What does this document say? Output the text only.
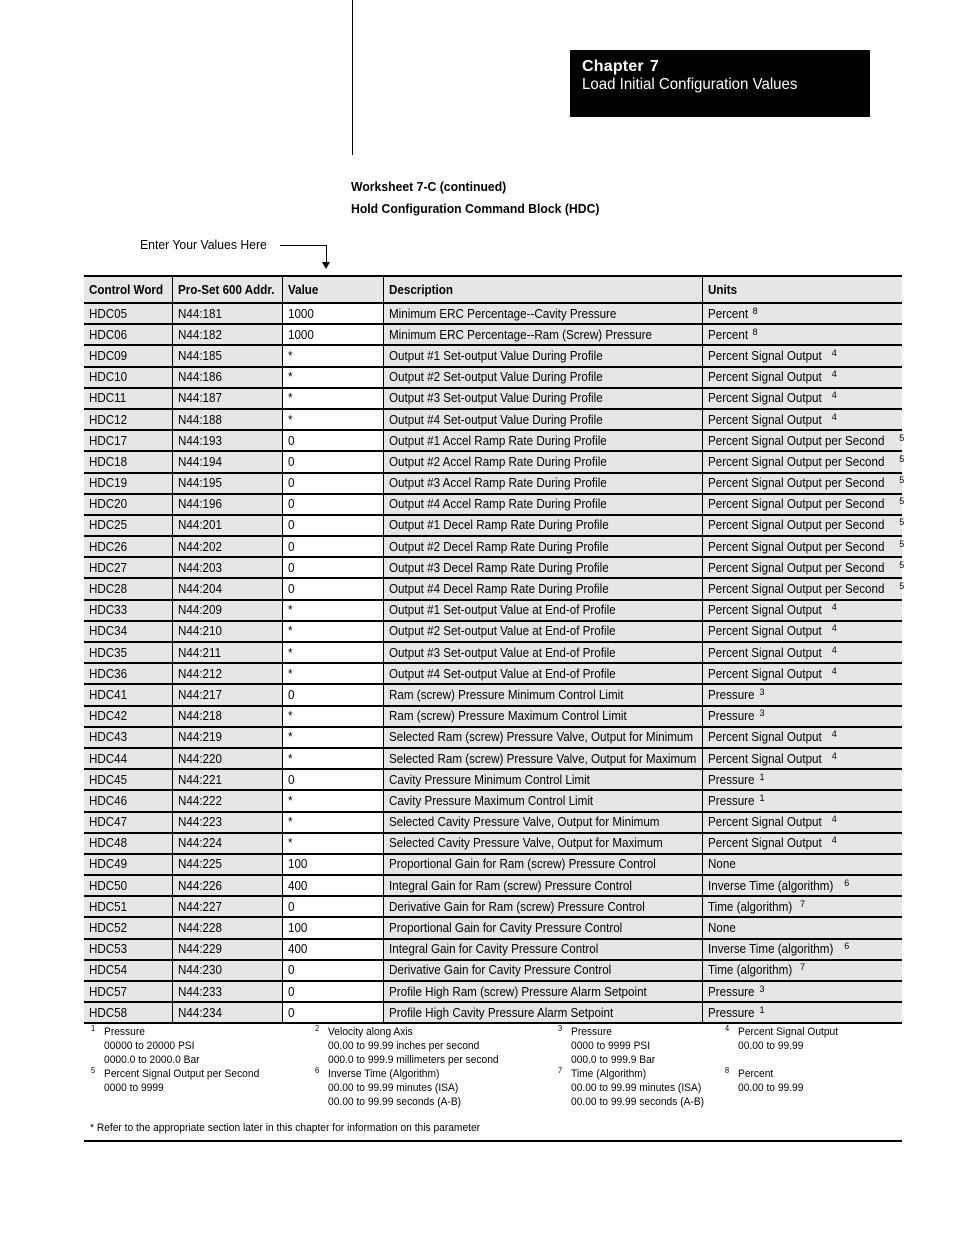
Chapter 7
Load Initial Configuration Values
Worksheet 7-C (continued)
Hold Configuration Command Block (HDC)
Enter Your Values Here
Control Word	Pro-Set 600 Addr.	Value	Description	Units
HDC05	N44:181	1000	Minimum ERC Percentage--Cavity Pressure	Percent $^8$
HDC06	N44:182	1000	Minimum ERC Percentage--Ram (Screw) Pressure	Percent $^8$
HDC09	N44:185	*	Output #1 Set-output Value During Profile	Percent Signal Output $^4$
HDC10	N44:186	*	Output #2 Set-output Value During Profile	Percent Signal Output $^4$
HDC11	N44:187	*	Output #3 Set-output Value During Profile	Percent Signal Output $^4$
HDC12	N44:188	*	Output #4 Set-output Value During Profile	Percent Signal Output $^4$
HDC17	N44:193	0	Output #1 Accel Ramp Rate During Profile	Percent Signal Output per Second $^5$
HDC18	N44:194	0	Output #2 Accel Ramp Rate During Profile	Percent Signal Output per Second $^5$
HDC19	N44:195	0	Output #3 Accel Ramp Rate During Profile	Percent Signal Output per Second $^5$
HDC20	N44:196	0	Output #4 Accel Ramp Rate During Profile	Percent Signal Output per Second $^5$
HDC25	N44:201	0	Output #1 Decel Ramp Rate During Profile	Percent Signal Output per Second $^5$
HDC26	N44:202	0	Output #2 Decel Ramp Rate During Profile	Percent Signal Output per Second $^5$
HDC27	N44:203	0	Output #3 Decel Ramp Rate During Profile	Percent Signal Output per Second $^5$
HDC28	N44:204	0	Output #4 Decel Ramp Rate During Profile	Percent Signal Output per Second $^5$
HDC33	N44:209	*	Output #1 Set-output Value at End-of Profile	Percent Signal Output $^4$
HDC34	N44:210	*	Output #2 Set-output Value at End-of Profile	Percent Signal Output $^4$
HDC35	N44:211	*	Output #3 Set-output Value at End-of Profile	Percent Signal Output $^4$
HDC36	N44:212	*	Output #4 Set-output Value at End-of Profile	Percent Signal Output $^4$
HDC41	N44:217	0	Ram (screw) Pressure Minimum Control Limit	Pressure $^3$
HDC42	N44:218	*	Ram (screw) Pressure Maximum Control Limit	Pressure $^3$
HDC43	N44:219	*	Selected Ram (screw) Pressure Valve, Output for Minimum	Percent Signal Output $^4$
HDC44	N44:220	*	Selected Ram (screw) Pressure Valve, Output for Maximum	Percent Signal Output $^4$
HDC45	N44:221	0	Cavity Pressure Minimum Control Limit	Pressure $^1$
HDC46	N44:222	*	Cavity Pressure Maximum Control Limit	Pressure $^1$
HDC47	N44:223	*	Selected Cavity Pressure Valve, Output for Minimum	Percent Signal Output $^4$
HDC48	N44:224	*	Selected Cavity Pressure Valve, Output for Maximum	Percent Signal Output $^4$
HDC49	N44:225	100	Proportional Gain for Ram (screw) Pressure Control	None
HDC50	N44:226	400	Integral Gain for Ram (screw) Pressure Control	Inverse Time (algorithm) $^6$
HDC51	N44:227	0	Derivative Gain for Ram (screw) Pressure Control	Time (algorithm) $^7$
HDC52	N44:228	100	Proportional Gain for Cavity Pressure Control	None
HDC53	N44:229	400	Integral Gain for Cavity Pressure Control	Inverse Time (algorithm) $^6$
HDC54	N44:230	0	Derivative Gain for Cavity Pressure Control	Time (algorithm) $^7$
HDC57	N44:233	0	Profile High Ram (screw) Pressure Alarm Setpoint	Pressure $^3$
HDC58	N44:234	0	Profile High Cavity Pressure Alarm Setpoint	Pressure $^1$
1 Pressure
00000 to 20000 PSI
0000.0 to 2000.0 Bar
2 Velocity along Axis
00.00 to 99.99 inches per second
000.0 to 999.9 millimeters per second
3 Pressure
0000 to 9999 PSI
000.0 to 999.9 Bar
4 Percent Signal Output
00.00 to 99.99
5 Percent Signal Output per Second
0000 to 9999
6 Inverse Time (Algorithm)
00.00 to 99.99 minutes (ISA)
00.00 to 99.99 seconds (A-B)
7 Time (Algorithm)
00.00 to 99.99 minutes (ISA)
00.00 to 99.99 seconds (A-B)
8 Percent
00.00 to 99.99
* Refer to the appropriate section later in this chapter for information on this parameter
